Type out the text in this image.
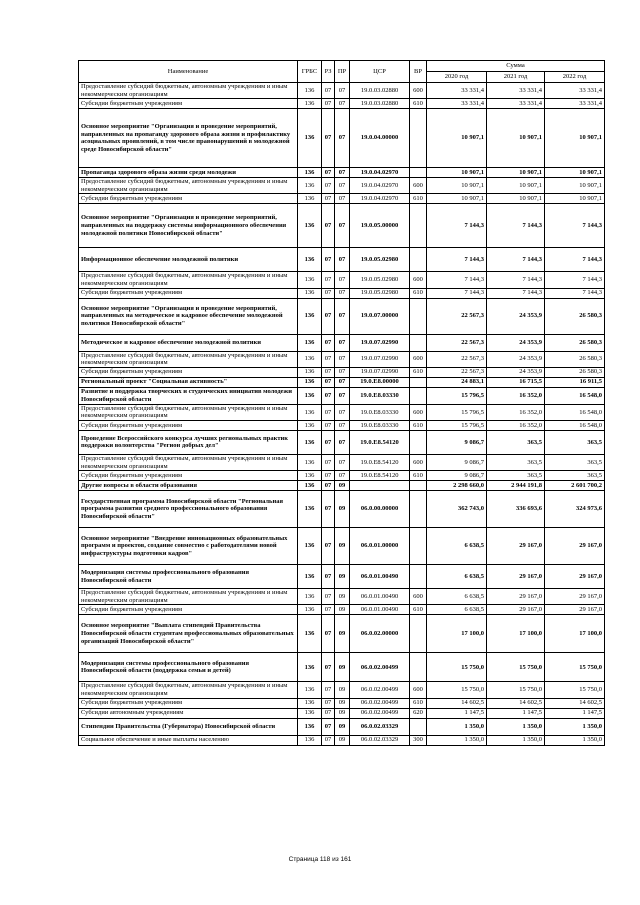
Наименование	ГРБС	РЗ	ПР	ЦСР	ВР	Сумма		
						2020 год	2021 год	2022 год
Предоставление субсидий бюджетным, автономным учреждениям и иным некоммерческим организациям	136	07	07	19.0.03.02880	600	33 331,4	33 331,4	33 331,4
Субсидии бюджетным учреждениям	136	07	07	19.0.03.02880	610	33 331,4	33 331,4	33 331,4
Основное мероприятие "Организация и проведение мероприятий, направленных на пропаганду здорового образа жизни и профилактику асоциальных проявлений, в том числе правонарушений в молодежной среде Новосибирской области"	136	07	07	19.0.04.00000		10 907,1	10 907,1	10 907,1
Пропаганда здорового образа жизни среди молодежи	136	07	07	19.0.04.02970		10 907,1	10 907,1	10 907,1
Предоставление субсидий бюджетным, автономным учреждениям и иным некоммерческим организациям	136	07	07	19.0.04.02970	600	10 907,1	10 907,1	10 907,1
Субсидии бюджетным учреждениям	136	07	07	19.0.04.02970	610	10 907,1	10 907,1	10 907,1
Основное мероприятие "Организация и проведение мероприятий, направленных на поддержку системы информационного обеспечения молодежной политики Новосибирской области"	136	07	07	19.0.05.00000		7 144,3	7 144,3	7 144,3
Информационное обеспечение молодежной политики	136	07	07	19.0.05.02980		7 144,3	7 144,3	7 144,3
Предоставление субсидий бюджетным, автономным учреждениям и иным некоммерческим организациям	136	07	07	19.0.05.02980	600	7 144,3	7 144,3	7 144,3
Субсидии бюджетным учреждениям	136	07	07	19.0.05.02980	610	7 144,3	7 144,3	7 144,3
Основное мероприятие "Организация и проведение мероприятий, направленных на методическое и кадровое обеспечение молодежной политики Новосибирской области"	136	07	07	19.0.07.00000		22 567,3	24 353,9	26 580,3
Методическое и кадровое обеспечение молодежной политики	136	07	07	19.0.07.02990		22 567,3	24 353,9	26 580,3
Предоставление субсидий бюджетным, автономным учреждениям и иным некоммерческим организациям	136	07	07	19.0.07.02990	600	22 567,3	24 353,9	26 580,3
Субсидии бюджетным учреждениям	136	07	07	19.0.07.02990	610	22 567,3	24 353,9	26 580,3
Региональный проект "Социальная активность"	136	07	07	19.0.E8.00000		24 883,1	16 715,5	16 911,5
Развитие и поддержка творческих и студенческих инициатив молодежи Новосибирской области	136	07	07	19.0.E8.03330		15 796,5	16 352,0	16 548,0
Предоставление субсидий бюджетным, автономным учреждениям и иным некоммерческим организациям	136	07	07	19.0.E8.03330	600	15 796,5	16 352,0	16 548,0
Субсидии бюджетным учреждениям	136	07	07	19.0.E8.03330	610	15 796,5	16 352,0	16 548,0
Проведение Всероссийского конкурса лучших региональных практик поддержки волонтерства "Регион добрых дел"	136	07	07	19.0.E8.54120		9 086,7	363,5	363,5
Предоставление субсидий бюджетным, автономным учреждениям и иным некоммерческим организациям	136	07	07	19.0.E8.54120	600	9 086,7	363,5	363,5
Субсидии бюджетным учреждениям	136	07	07	19.0.E8.54120	610	9 086,7	363,5	363,5
Другие вопросы в области образования	136	07	09			2 298 660,0	2 944 191,8	2 601 700,2
Государственная программа Новосибирской области "Региональная программа развития среднего профессионального образования Новосибирской области"	136	07	09	06.0.00.00000		362 743,0	336 693,6	324 973,6
Основное мероприятие "Внедрение инновационных образовательных программ и проектов, создание совместно с работодателями новой инфраструктуры подготовки кадров"	136	07	09	06.0.01.00000		6 638,5	29 167,0	29 167,0
Модернизация системы профессионального образования Новосибирской области	136	07	09	06.0.01.00490		6 638,5	29 167,0	29 167,0
Предоставление субсидий бюджетным, автономным учреждениям и иным некоммерческим организациям	136	07	09	06.0.01.00490	600	6 638,5	29 167,0	29 167,0
Субсидии бюджетным учреждениям	136	07	09	06.0.01.00490	610	6 638,5	29 167,0	29 167,0
Основное мероприятие "Выплата стипендий Правительства Новосибирской области студентам профессиональных образовательных организаций Новосибирской области"	136	07	09	06.0.02.00000		17 100,0	17 100,0	17 100,0
Модернизация системы профессионального образования Новосибирской области (поддержка семьи и детей)	136	07	09	06.0.02.00499		15 750,0	15 750,0	15 750,0
Предоставление субсидий бюджетным, автономным учреждениям и иным некоммерческим организациям	136	07	09	06.0.02.00499	600	15 750,0	15 750,0	15 750,0
Субсидии бюджетным учреждениям	136	07	09	06.0.02.00499	610	14 602,5	14 602,5	14 602,5
Субсидии автономным учреждениям	136	07	09	06.0.02.00499	620	1 147,5	1 147,5	1 147,5
Стипендии Правительства (Губернатора) Новосибирской области	136	07	09	06.0.02.03329		1 350,0	1 350,0	1 350,0
Социальное обеспечение и иные выплаты населению	136	07	09	06.0.02.03329	300	1 350,0	1 350,0	1 350,0
Страница 118 из 161
